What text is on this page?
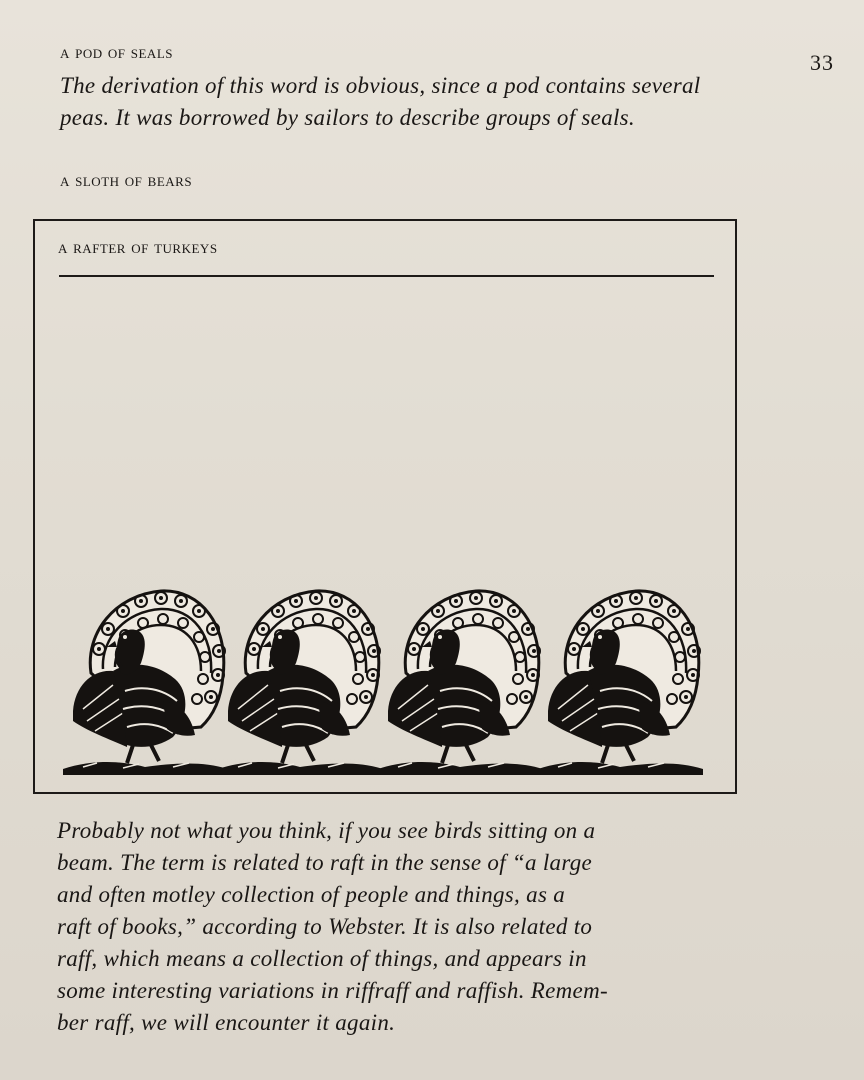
33
a pod of seals
The derivation of this word is obvious, since a pod contains several peas. It was borrowed by sailors to describe groups of seals.
a sloth of bears
a rafter of turkeys
Probably not what you think, if you see birds sitting on a
beam. The term is related to raft in the sense of “a large
and often motley collection of people and things, as a
raft of books,” according to Webster. It is also related to
raff, which means a collection of things, and appears in
some interesting variations in riffraff and raffish. Remem-
ber raff, we will encounter it again.
